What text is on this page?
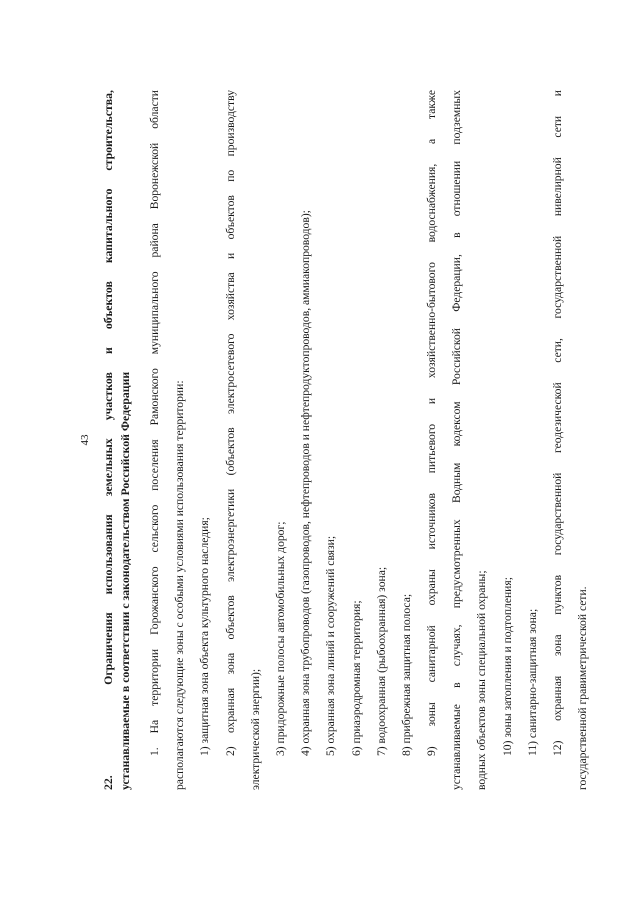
43
22.     Ограничения использования земельных участков и объектов капитального строительства, устанавливаемые в соответствии с законодательством Российской Федерации	1. На территории Горожанского сельского поселения Рамонского муниципального района Воронежской области	располагаются следующие зоны с особыми условиями использования территории:	1) защитная зона объекта культурного наследия;	2) охранная зона объектов электроэнергетики (объектов электросетевого хозяйства и объектов по производству	электрической энергии);	3) придорожные полосы автомобильных дорог;	4) охранная зона трубопроводов (газопроводов, нефтепроводов и нефтепродуктопроводов, аммиакопроводов);	5) охранная зона линий и сооружений связи;	6) приаэродромная территория;	7) водоохранная (рыбоохранная) зона;	8) прибрежная защитная полоса;	9) зоны санитарной охраны источников питьевого и хозяйственно-бытового водоснабжения, а также	устанавливаемые в случаях, предусмотренных Водным кодексом Российской Федерации, в отношении подземных	водных объектов зоны специальной охраны;	10) зоны затопления и подтопления;	11) санитарно-защитная зона;	12) охранная зона пунктов государственной геодезической сети, государственной нивелирной сети и	государственной гравиметрической сети.
